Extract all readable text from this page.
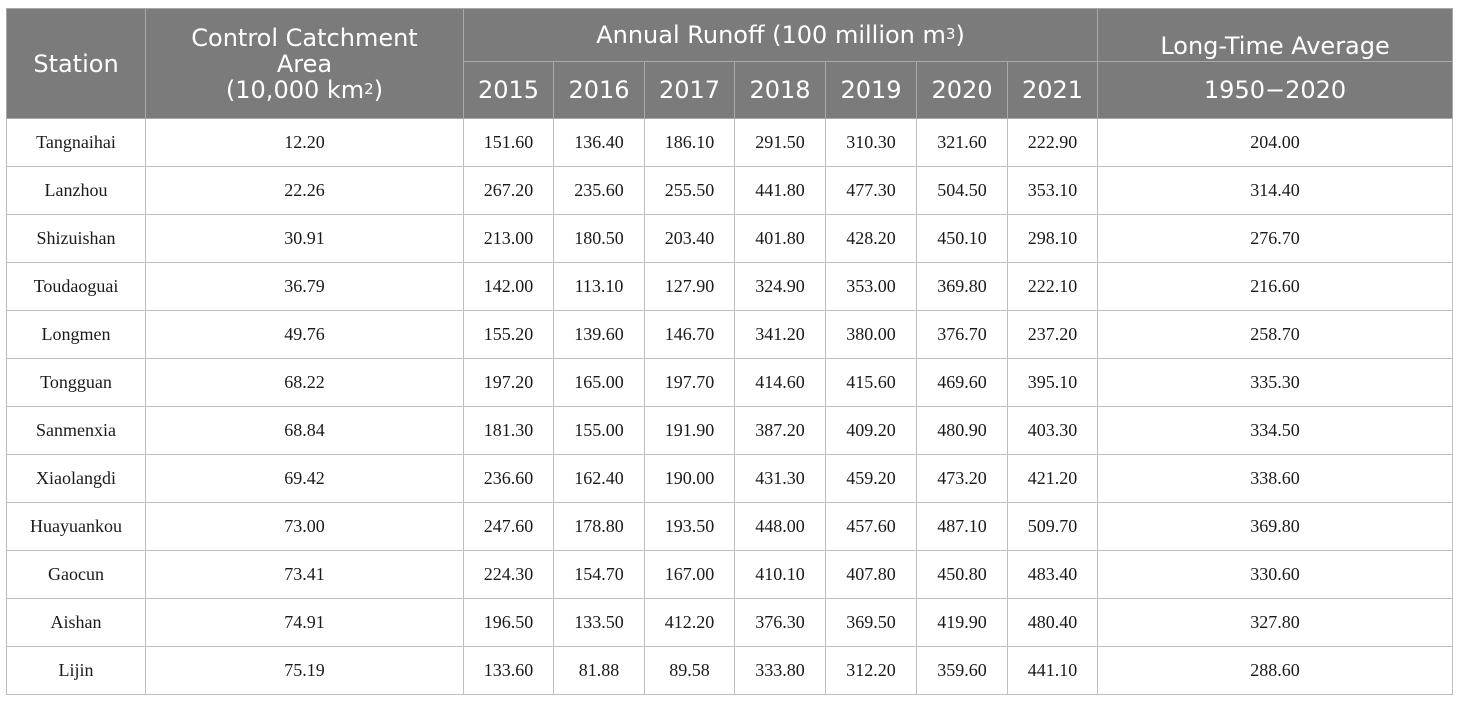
Station	Control Catchment
Area
(10,000 $km^2$)	Annual Runoff (100 million $m^3$)							Long-Time Average
		2015	2016	2017	2018	2019	2020	2021	1950−2020
Tangnaihai	12.20	151.60	136.40	186.10	291.50	310.30	321.60	222.90	204.00
Lanzhou	22.26	267.20	235.60	255.50	441.80	477.30	504.50	353.10	314.40
Shizuishan	30.91	213.00	180.50	203.40	401.80	428.20	450.10	298.10	276.70
Toudaoguai	36.79	142.00	113.10	127.90	324.90	353.00	369.80	222.10	216.60
Longmen	49.76	155.20	139.60	146.70	341.20	380.00	376.70	237.20	258.70
Tongguan	68.22	197.20	165.00	197.70	414.60	415.60	469.60	395.10	335.30
Sanmenxia	68.84	181.30	155.00	191.90	387.20	409.20	480.90	403.30	334.50
Xiaolangdi	69.42	236.60	162.40	190.00	431.30	459.20	473.20	421.20	338.60
Huayuankou	73.00	247.60	178.80	193.50	448.00	457.60	487.10	509.70	369.80
Gaocun	73.41	224.30	154.70	167.00	410.10	407.80	450.80	483.40	330.60
Aishan	74.91	196.50	133.50	412.20	376.30	369.50	419.90	480.40	327.80
Lijin	75.19	133.60	81.88	89.58	333.80	312.20	359.60	441.10	288.60
